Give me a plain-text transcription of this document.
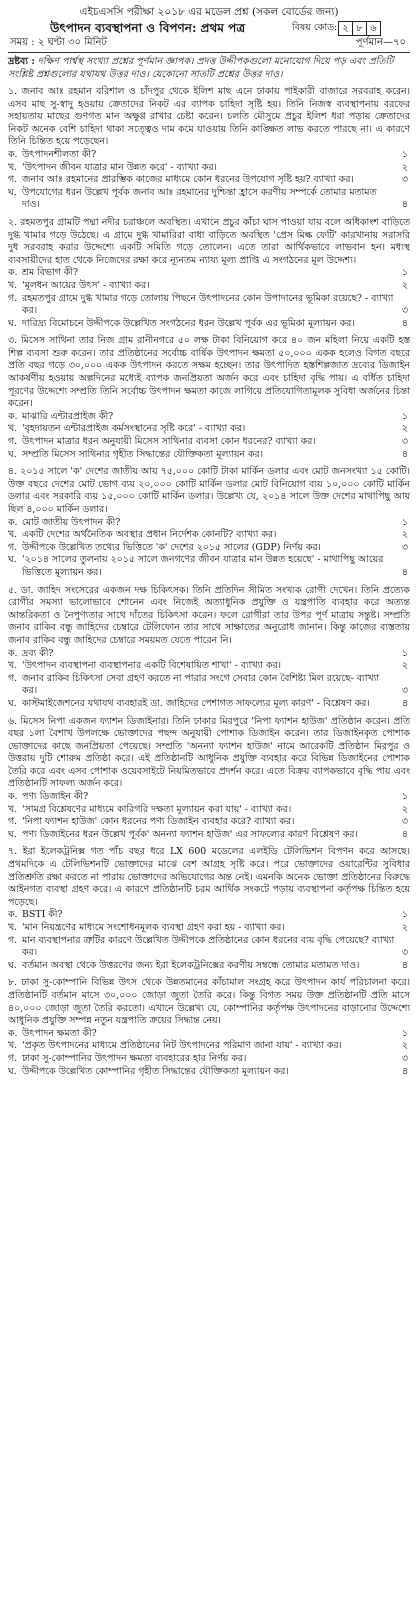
এইচএসসি পরীক্ষা ২০১৮ এর মডেল প্রশ্ন (সকল বোর্ডের জন্য)
উৎপাদন ব্যবস্থাপনা ও বিপণন: প্রথম পত্র	বিষয় কোড: ২ ৮ ৬
সময় : ২ ঘণ্টা ৩০ মিনিট	পূর্ণমান—৭০
দ্রষ্টব্য : দক্ষিণ পার্শ্বস্থ সংখ্যা প্রশ্নের পূর্ণমান জ্ঞাপক। প্রদত্ত উদ্দীপকগুলো মনোযোগ দিয়ে পড় এবং প্রতিটি সংশ্লিষ্ট প্রশ্নগুলোর যথাযথ উত্তর দাও। যেকোনো সাতটি প্রশ্নের উত্তর দাও।
১. জনাব আঃ রহমান বরিশাল ও চাঁদপুর থেকে ইলিশ মাছ এনে ঢাকায় পাইকারী বাজারে সরবরাহ করেন। এসব মাছ সু-স্বাদু হওয়ায় ক্রেতাদের নিকট এর ব্যাপক চাহিদা সৃষ্টি হয়। তিনি নিজস্ব ব্যবস্থাপনায় বরফের সহায়তায় মাছের গুণগত মান অক্ষুণ্ণ রাখার চেষ্টা করেন। চলতি মৌসুমে প্রচুর ইলিশ ধরা পড়ায় ক্রেতাদের নিকট অনেক বেশি চাহিদা থাকা সত্ত্বেও দাম কমে যাওয়ায় তিনি কাঙ্ক্ষিত লাভ করতে পারছে না। এ কারণে তিনি চিন্তিত হয়ে পড়েছেন।
ক. উৎপাদনশীলতা কী?	১
খ. 'উৎপাদন জীবন যাত্রার মান উন্নত করে' - ব্যাখ্যা কর।	২
গ. জনাব আঃ রহমানের প্রারম্ভিক কাজের মাধ্যমে কোন ধরনের উপযোগ সৃষ্টি হয়? ব্যাখ্যা কর।	৩
ঘ. উপযোগের ধরন উল্লেখ পূর্বক জনাব আঃ রহমানের দুশ্চিন্তা হ্রাসে করণীয় সম্পর্কে তোমার মতামত দাও।	৪
২. রহমতপুর গ্রামটি পদ্মা নদীর চরাঞ্চলে অবস্থিত। এখানে প্রচুর কাঁচা ঘাস পাওয়া যায় বলে অধিকাংশ বাড়িতে দুগ্ধ খামার গড়ে উঠেছে। এ গ্রামে দুগ্ধ খামারিরা বাধা বাড়িতে অবস্থিত 'প্রেস মিল্ক ফেটি' কারখানায় সরাসরি দুধ সরবরাহ করার উদ্দেশ্যে একটি সমিতি গড়ে তোলেন। এতে তারা আর্থিকভাবে লাভবান হন। মধ্যস্থ ব্যবসায়ীদের হাত থেকে নিজেদের রক্ষা করে ন্যূনতম ন্যায্য মূল্য প্রাপ্তি এ সংগঠনের মূল উদ্দেশ্য।
ক. শ্রম বিভাগ কী?	১
খ. 'মূলধন আয়ের উৎস' - ব্যাখ্যা কর।	২
গ. রহমতপুর গ্রামে দুগ্ধ খামার গড়ে তোলায় পিছনে উৎপাদনের কোন উপাদানের ভূমিকা রয়েছে? - ব্যাখ্যা কর।	৩
ঘ. দারিদ্র্য বিমোচনে উদ্দীপকে উল্লেখিত সংগঠনের ধরন উল্লেখ পূর্বক এর ভূমিকা মূল্যায়ন কর।	৪
৩. মিসেস সাথিনা তার নিজ গ্রাম রানীনগরে ৫০ লক্ষ টাকা বিনিয়োগ করে ৪০ জন মহিলা নিয়ে একটি হস্ত শিল্প ব্যবসা শুরু করেন। তার প্রতিষ্ঠানের সর্বোচ্চ বার্ষিক উৎপাদন ক্ষমতা ৫০,০০০ একক হলেও বিগত বছরে প্রতি বছর গড়ে ৩০,০০০ একক উৎপাদন করতে সক্ষম হচ্ছেন। তার উৎপাদিত হস্তশিল্পজাত দ্রব্যের ডিজাইন আকর্ষণীয় হওয়ায় অল্পদিনের মধ্যেই ব্যাপক জনপ্রিয়তা অর্জন করে এবং চাহিদা বৃদ্ধি পায়। এ বর্ধিত চাহিদা পূরণের উদ্দেশ্যে সম্প্রতি তিনি সর্বোচ্চ উৎপাদন ক্ষমতা কাজে লাগিয়ে প্রতিযোগিতামূলক সুবিধা অর্জনের চিন্তা করেন।
ক. মাঝারি এন্টারপ্রাইজ কী?	১
খ. 'বৃহদায়তন এন্টারপ্রাইজ কর্মসংস্থানের সৃষ্টি করে' - ব্যাখ্যা কর।	২
গ. উৎপাদন মাত্রার ধরন অনুযায়ী মিসেস সাথিনার ব্যবসা কোন ধরনের? ব্যাখ্যা কর।	৩
ঘ. সম্প্রতি মিসেস সাথিনার গৃহীত সিদ্ধান্তের যৌক্তিকতা মূল্যায়ন কর।	৪
৪. ২০১৫ সালে 'ক' দেশের জাতীয় আয় ৭৫,০০০ কোটি টাকা মার্কিন ডলার এবং মোট জনসংখ্যা ১৫ কোটি। উক্ত বছরে দেশের মোট ভোগ ব্যয় ২০,০০০ কোটি মার্কিন ডলার মোট বিনিয়োগ ব্যয় ১০,০০০ কোটি মার্কিন ডলার এবং সরকারি ব্যয় ১৫,০০০ কোটি মার্কিন ডলার। উল্লেখ্য যে, ২০১৪ সালে উক্ত দেশের মাথাপিছু আয় ছিল ৪,০০০ মার্কিন ডলার।
ক. মোট জাতীয় উৎপাদন কী?	১
খ. একটি দেশের অর্থনৈতিক অবস্থার প্রধান নির্দেশক কোনটি? ব্যাখ্যা কর।	২
গ. উদ্দীপকে উল্লেখিত তথ্যের ভিত্তিতে 'ক' দেশের ২০১৫ সালের (GDP) নির্ণয় কর।	৩
ঘ. '২০১৪ সালের তুলনায় ২০১৫ সালে জনগণের জীবন যাত্রার মান উন্নত হয়েছে' - মাথাপিছু আয়ের ভিত্তিতে মূল্যায়ন কর।	৪
৫. ডা. জাহিদ সংসেরের একজন দক্ষ চিকিৎসক। তিনি প্রতিদিন সীমিত সংখ্যক রোগী দেখেন। তিনি প্রত্যেক রোগীর সমস্যা ভালোভাবে শোনেন এবং নিজেই অত্যাধুনিক প্রযুক্তি ও যন্ত্রপাতি ব্যবহার করে অত্যন্ত আন্তরিকতা ও নৈপুণ্যতার সাথে দাঁতের চিকিৎসা করেন। ফলে রোগীরা তার উপর পূর্ণ মাত্রায় সন্তুষ্ট। সম্প্রতি জনাব রাকিব বন্ধু জাহিদের চেম্বারে টেলিফোন তার সাথে সাক্ষাতের অনুরোধ জানান। কিন্তু কাজের ব্যস্ততায় জনাব রাকিব বন্ধু জাহিদের চেম্বারে সময়মত যেতে পারেন নি।
ক. দ্রব্য কী?	১
খ. 'উৎপাদন ব্যবস্থাপনা ব্যবস্থাপনার একটি বিশেষায়িত শাখা' - ব্যাখ্যা কর।	২
গ. জনাব রাকিব চিকিৎসা সেবা গ্রহণ করতে না পারার সংগে সেবার কোন বৈশিষ্ট্য মিল রয়েছে- ব্যাখ্যা কর।	৩
ঘ. কাস্টমাইজেশনের যথাযথ ব্যবহারই ডা. জাহিদের পেশাগত সাফল্যের মূল্য কারণ' - বিশ্লেষণ কর।	৪
৬. মিসেস নিপা একজন ফ্যাশন ডিজাইনার। তিনি ঢাকার মিরপুরে 'নিপা ফ্যাশন হাউজ' প্রতিষ্ঠান করেন। প্রতি বছর ১লা বৈশাখ উপলক্ষে ভোক্তাদের পছন্দ অনুযায়ী পোশাক ডিজাইন করেন। তার ডিজাইনকৃত পোশাক ভোক্তাদের কাছে জনপ্রিয়তা পেয়েছে। সম্প্রতি 'অনন্যা ফ্যাশন হাউজ' নামে আরেকটি প্রতিষ্ঠান মিরপুর ও উত্তরায় দুটি শোরুম প্রতিষ্ঠা করে। এই প্রতিষ্ঠানটি আধুনিক প্রযুক্তি ব্যবহার করে বিভিন্ন ডিজাইনের পোশাক তৈরি করে এবং এসব পোশাক ওয়েবসাইটে নিয়মিতভাবে প্রদর্শন করে। এতে বিক্রয় ব্যাপকভাবে বৃদ্ধি পায় এবং প্রতিষ্ঠানটি সাফল্য অর্জন করে।
ক. পণ্য ডিজাইন কী?	১
খ. 'সামগ্র বিশ্লেষণের মাধ্যমে কারিগরি দক্ষতা মূল্যায়ন করা যায়' - ব্যাখ্যা কর।	২
গ. 'নিপা ফ্যাশন হাউজ' কোন ধরনের পণ্য ডিজাইন ব্যবহার করে? ব্যাখ্যা কর।	৩
ঘ. পণ্য ডিজাইনের ধরন উল্লেখ পূর্বক' অনন্যা ফ্যাশন হাউজ' এর সাফল্যের কারণ বিশ্লেষণ কর।	৪
৭. ইরা ইলেকট্রনিক্স গত পাঁচ বছর ধরে LX 600 মডেলের এলইডি টেলিভিশন বিপণন করে আসছে। প্রথমদিকে এ টেলিভিশনটি ভোক্তাদের মাঝে বেশ আগ্রহ সৃষ্টি করে। পরে ভোক্তাদের ওয়ারেন্টির সুবিধার প্রতিশ্রুতি রক্ষা করতে না পারায় ভোক্তাদের অভিযোগের অন্ত নেই। এমনকি অনেক ভোক্তা প্রতিষ্ঠানের বিরুদ্ধে আইনগত ব্যবস্থা গ্রহণ করে। এ কারণে প্রতিষ্ঠানটি চরম আর্থিক সংকটে পড়ায় ব্যবস্থাপনা কর্তৃপক্ষ চিন্তিত হয়ে পড়েছে।
ক. BSTI কী?	১
খ. 'মান নিয়ন্ত্রণের মাধ্যমে সংশোধনমূলক ব্যবস্থা গ্রহণ করা হয় - ব্যাখ্যা কর।	২
গ. মান ব্যবস্থাপনার ত্রুটির কারণে উল্লেখিত উদ্দীপকে প্রতিষ্ঠানের কোন ধরনের ব্যয় বৃদ্ধি পেয়েছে? ব্যাখ্যা কর।	৩
ঘ. বর্তমান অবস্থা থেকে উত্তরণের জন্য ইরা ইলেকট্রনিক্সের করণীয় সম্বন্ধে তোমার মতামত দাও।	৪
৮. ঢাকা সু-কোম্পানি বিভিন্ন উৎস থেকে উন্নতমানের কাঁচামাল সংগ্রহ করে উৎপাদন কার্য পরিচালনা করে। প্রতিষ্ঠানটি বর্তমান মাসে ৩০,০০০ জোড়া জুতা তৈরি করে। কিন্তু বিগত সময় উক্ত প্রতিষ্ঠানটি প্রতি মাসে ৪০,০০০ জোড়া জুতা তৈরি করতো। এখানে উল্লেখ্য যে, কোম্পানির কর্তৃপক্ষ উৎপাদনের বাড়ানোর উদ্দেশ্যে আধুনিক প্রযুক্তি সম্পন্ন নতুন যন্ত্রপাতি ক্রয়ের সিদ্ধান্ত নেয়।
ক. উৎপাদন ক্ষমতা কী?	১
খ. 'প্রকৃত উৎপাদনের মাধ্যমে প্রতিষ্ঠানের নিট উৎপাদনের পরিমাণ জানা যায়' - ব্যাখ্যা কর।	২
গ. ঢাকা সু-কোম্পানির উৎপাদন ক্ষমতা ব্যবহারের হার নির্ণয় কর।	৩
ঘ. উদ্দীপকে উল্লেখিত কোম্পানির গৃহীত সিদ্ধান্তের যৌক্তিকতা মূল্যায়ন কর।	৪
